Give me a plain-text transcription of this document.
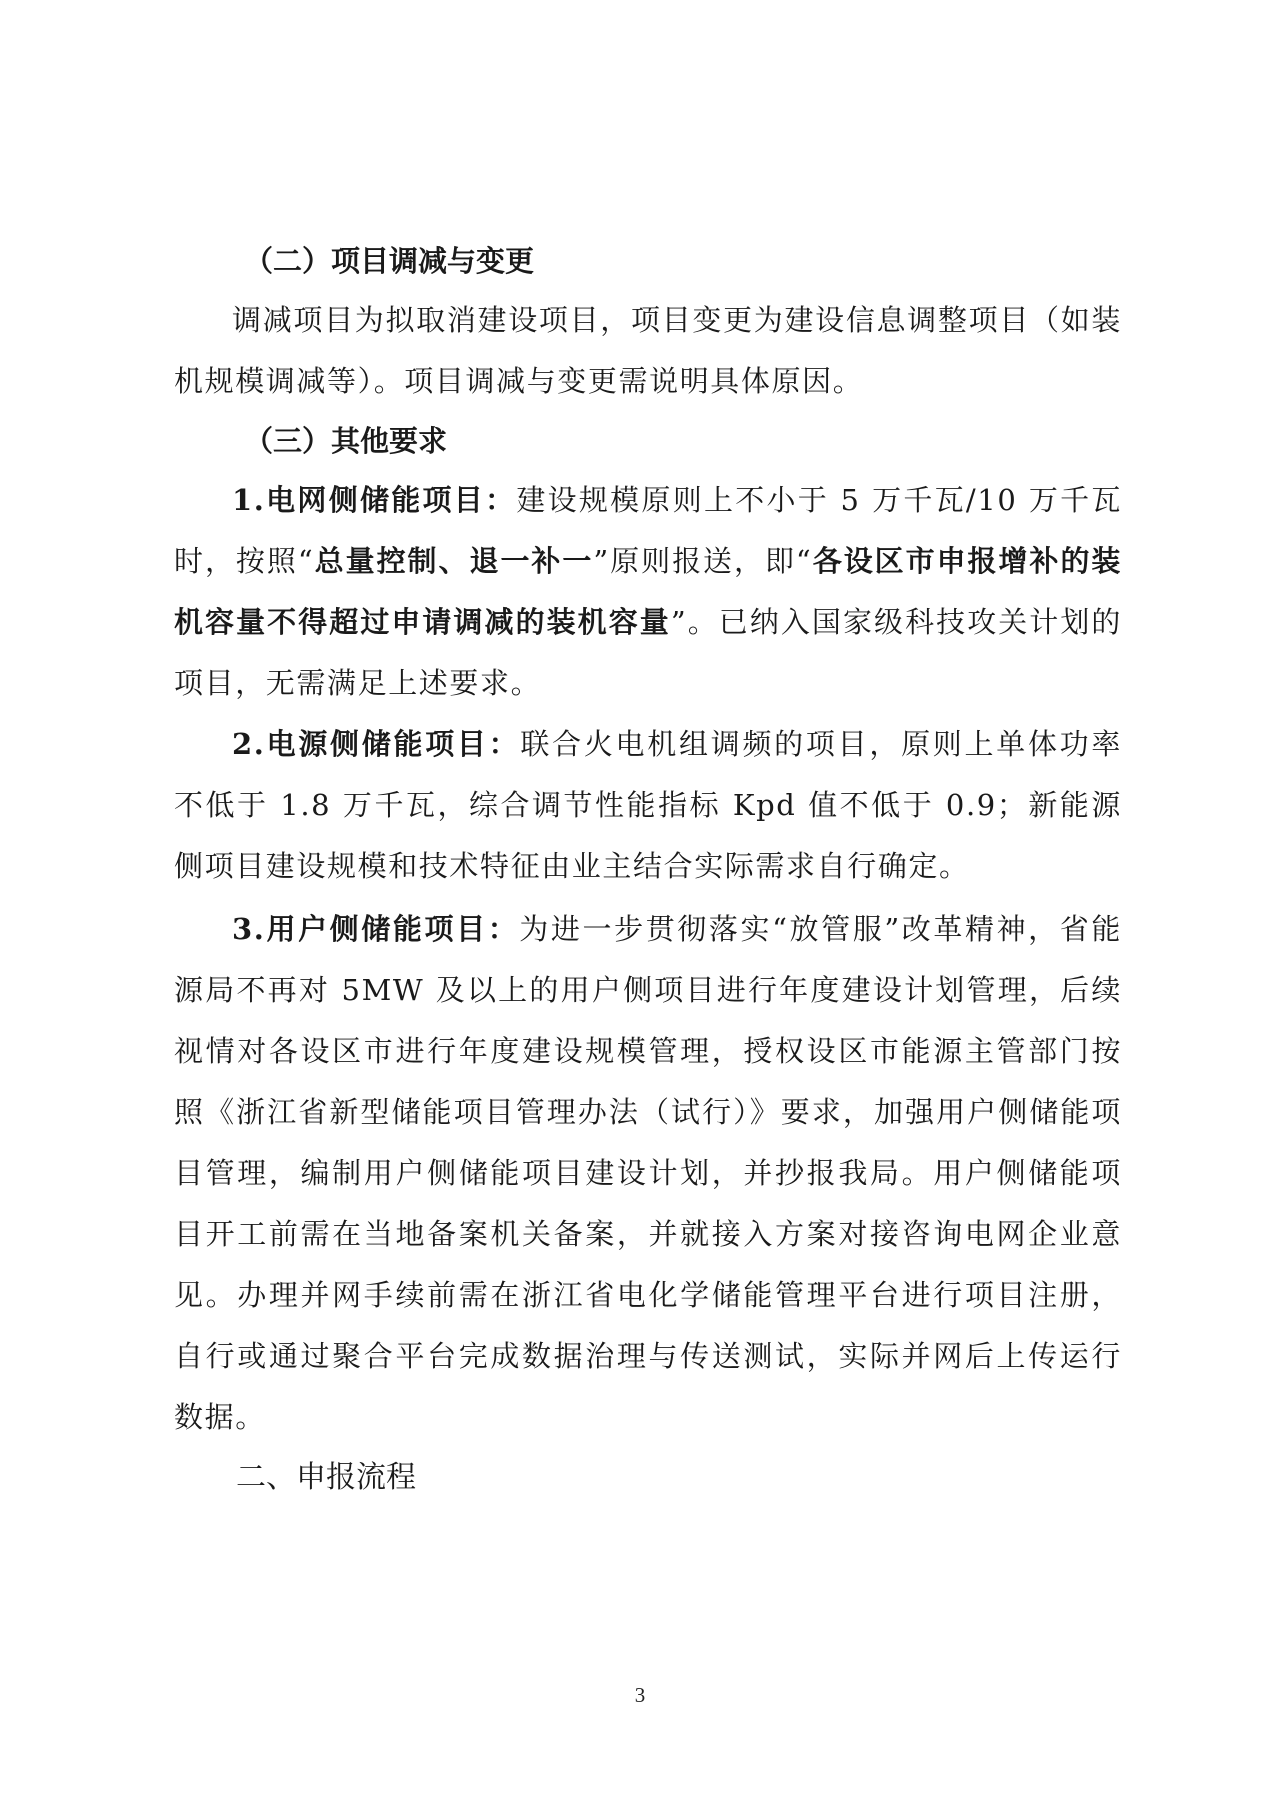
（二）项目调减与变更

调减项目为拟取消建设项目，项目变更为建设信息调整项目（如装机规模调减等）。项目调减与变更需说明具体原因。

（三）其他要求

1.电网侧储能项目：建设规模原则上不小于 5 万千瓦/10 万千瓦时，按照“总量控制、退一补一”原则报送，即“各设区市申报增补的装机容量不得超过申请调减的装机容量”。已纳入国家级科技攻关计划的项目，无需满足上述要求。

2.电源侧储能项目：联合火电机组调频的项目，原则上单体功率不低于 1.8 万千瓦，综合调节性能指标 Kpd 值不低于 0.9；新能源侧项目建设规模和技术特征由业主结合实际需求自行确定。

3.用户侧储能项目：为进一步贯彻落实“放管服”改革精神，省能源局不再对 5MW 及以上的用户侧项目进行年度建设计划管理，后续视情对各设区市进行年度建设规模管理，授权设区市能源主管部门按照《浙江省新型储能项目管理办法（试行）》要求，加强用户侧储能项目管理，编制用户侧储能项目建设计划，并抄报我局。用户侧储能项目开工前需在当地备案机关备案，并就接入方案对接咨询电网企业意见。办理并网手续前需在浙江省电化学储能管理平台进行项目注册，自行或通过聚合平台完成数据治理与传送测试，实际并网后上传运行数据。

二、申报流程

3
